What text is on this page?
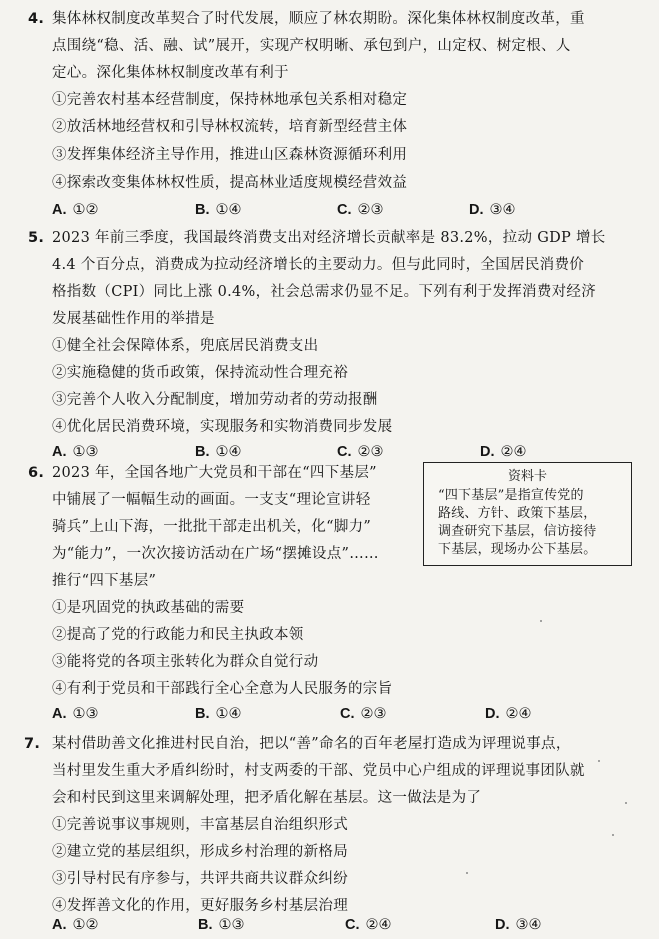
4. 集体林权制度改革契合了时代发展，顺应了林农期盼。深化集体林权制度改革，重
点围绕“稳、活、融、试”展开，实现产权明晰、承包到户，山定权、树定根、人
定心。深化集体林权制度改革有利于
①完善农村基本经营制度，保持林地承包关系相对稳定
②放活林地经营权和引导林权流转，培育新型经营主体
③发挥集体经济主导作用，推进山区森林资源循环利用
④探索改变集体林权性质，提高林业适度规模经营效益
A. ①②	B. ①④	C. ②③	D. ③④
5. 2023 年前三季度，我国最终消费支出对经济增长贡献率是 83.2%，拉动 GDP 增长
4.4 个百分点，消费成为拉动经济增长的主要动力。但与此同时，全国居民消费价
格指数（CPI）同比上涨 0.4%，社会总需求仍显不足。下列有利于发挥消费对经济
发展基础性作用的举措是
①健全社会保障体系，兜底居民消费支出
②实施稳健的货币政策，保持流动性合理充裕
③完善个人收入分配制度，增加劳动者的劳动报酬
④优化居民消费环境，实现服务和实物消费同步发展
A. ①③	B. ①④	C. ②③	D. ②④
6. 2023 年，全国各地广大党员和干部在“四下基层”
中铺展了一幅幅生动的画面。一支支“理论宣讲轻
骑兵”上山下海，一批批干部走出机关，化“脚力”
为“能力”，一次次接访活动在广场“摆摊设点”……
推行“四下基层”
①是巩固党的执政基础的需要
②提高了党的行政能力和民主执政本领
③能将党的各项主张转化为群众自觉行动
④有利于党员和干部践行全心全意为人民服务的宗旨
A. ①③	B. ①④	C. ②③	D. ②④
资料卡
“四下基层”是指宣传党的
路线、方针、政策下基层，
调查研究下基层，信访接待
下基层，现场办公下基层。
7. 某村借助善文化推进村民自治，把以“善”命名的百年老屋打造成为评理说事点，
当村里发生重大矛盾纠纷时，村支两委的干部、党员中心户组成的评理说事团队就
会和村民到这里来调解处理，把矛盾化解在基层。这一做法是为了
①完善说事议事规则，丰富基层自治组织形式
②建立党的基层组织，形成乡村治理的新格局
③引导村民有序参与，共评共商共议群众纠纷
④发挥善文化的作用，更好服务乡村基层治理
A. ①②	B. ①③	C. ②④	D. ③④
